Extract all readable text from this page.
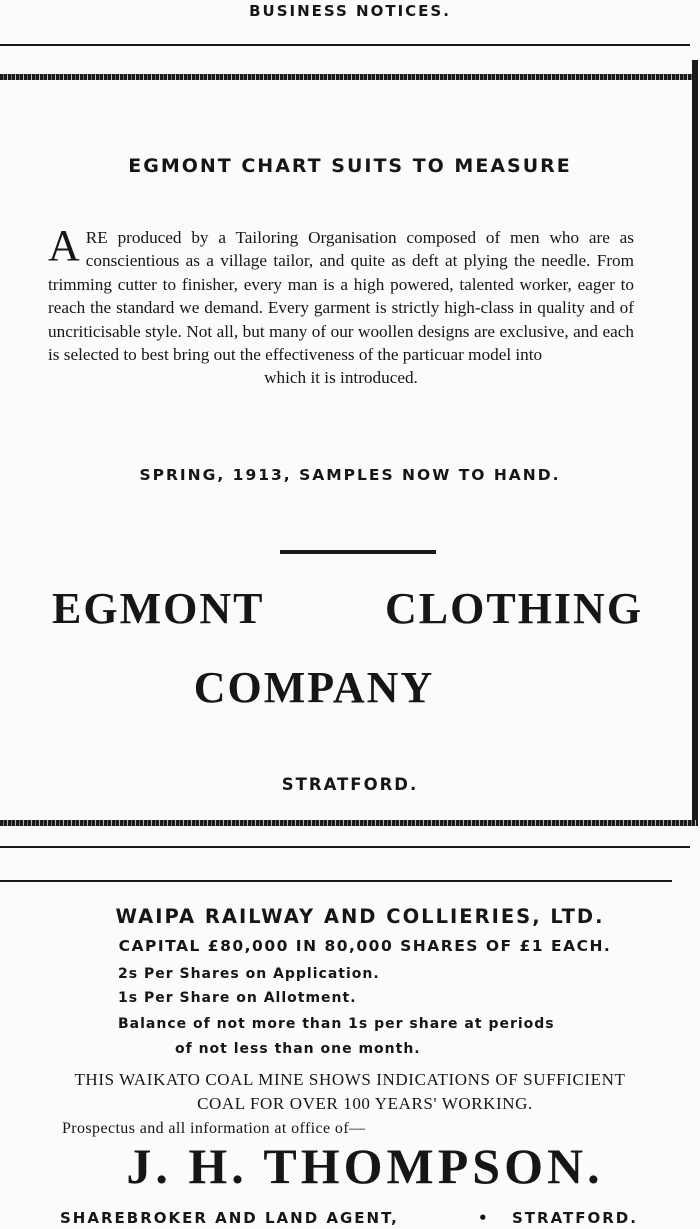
BUSINESS NOTICES.
EGMONT CHART SUITS TO MEASURE
A RE produced by a Tailoring Organisation composed of men who are as conscientious as a village tailor, and quite as deft at plying the needle. From trimming cutter to finisher, every man is a high powered, talented worker, eager to reach the standard we demand. Every garment is strictly high-class in quality and of uncriticisable style. Not all, but many of our woollen designs are exclusive, and each is selected to best bring out the effectiveness of the particuar model into
which it is introduced.
SPRING, 1913, SAMPLES NOW TO HAND.
EGMONT	CLOTHING
COMPANY
STRATFORD.
WAIPA RAILWAY AND COLLIERIES, LTD.
CAPITAL £80,000 IN 80,000 SHARES OF £1 EACH.
2s Per Shares on Application.
1s Per Share on Allotment.
Balance of not more than 1s per share at periods
of not less than one month.
THIS WAIKATO COAL MINE SHOWS INDICATIONS OF SUFFICIENT
COAL FOR OVER 100 YEARS' WORKING.
Prospectus and all information at office of—
J. H. THOMPSON.
SHAREBROKER AND LAND AGENT,	• STRATFORD.
